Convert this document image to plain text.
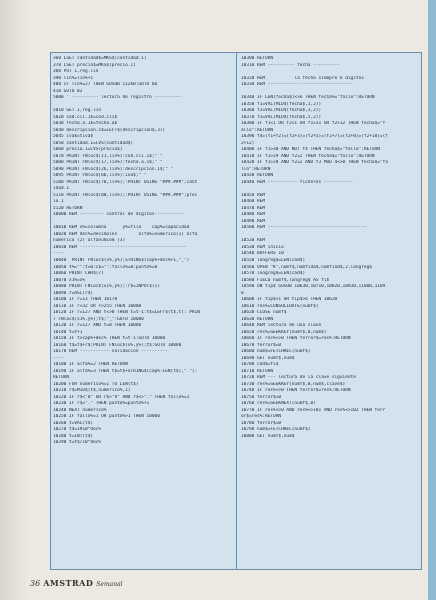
360 LSET cantidad$=MKS$(cantidad.1)
370 LSET precio$=MKS$(precio.1)
380 PUT 1,reg.lin
390 lin%=lin%+1
400 IF lin%=27 THEN GOSUB 11260:GOTO 60
410 GOTO 82
5000 ' ---------- lectura de registro ----------
5010 GET 1,reg.lin
5020 cod.cli.1$=cod.cli$
5030 fecha.a.1$=fecha.a$
5040 descripcion.1$=LEFT$(descripcion$,37)
5045 iva$=tiva$
5050 cantidad.1=CVS(cantidad$)
5060 precio.1=CVS(precio$)
5070 PRINT FNloc$(11,lin%):cod.cli.1$;" "
5080 PRINT FNloc$(17,lin%):fecha.a.1$;" "
5090 PRINT FNloc$(26,lin%):descripcion.1$;" "
5095 PRINT FNloc$(66,lin%):iva$;" "
5100 PRINT FNloc$(70,lin%);:PRINT USING "###.###";cant
idad.1
5110 PRINT FNloc$(80,lin%);:PRINT USING "###.###";prec
io.1
5120 RETURN
10000 REM --------- control de digitos-----------
10010 REM x%=columna      y%=fila    cap%=capacidad
10020 REM dec%=decimales        alfa%=numerico(1) alfa
numerico (2) alfanumcom (3)
10030 REM ----------------------------------------
----
10040  PRINT FNloc$(x%,y%);STRING$(cap%+dec%+1,"_")
10050 t%="":t=0:c$="":fallo%=0:punto%=0
10060 PRINT CHR$(7)
10070 x1%=x%
10080 PRINT FNloc$(x1%,y%);:r$=INPUT$(1)
10090 r=ASC(r$)
10100 IF r=13 THEN 10170
10110 IF r<32 OR r>255 THEN 10080
10120 IF r=127 AND t<>0 THEN t=t-1:t$=LEFT$(t$,t): PRIN
T FNloc$(x1%,y%);t$;"_":GOTO 10080
10130 IF r=127 AND t=0 THEN 10080
10140 t=t+1
10150 IF t>cap%+dec% THEN t=t-1:GOTO 10080
10160 t$=t$+r$:PRINT FNloc$(x%,y%);t$:GOTO 10080
10170 REM ----------- validacion ----------
----
10180 IF alfa%=2 THEN RETURN
10190 IF alfa%=3 THEN t$=t$+STRING$(cap%-LEN(t$)," "):
RETURN
10200 FOR numerico%=1 TO LEN(t$)
10210 r$=MID$(t$,numerico%,1)
10220 IF r$<"0" OR r$>"9" AND r$<>"." THEN fallo%=1
10230 IF r$="." THEN punto%=punto%+1
10240 NEXT numerico%
10250 IF fallo%=1 OR punto%>1 THEN 10000
10260 t=VAL(t$)
10270 t$=1#10^dec%
10280 t=INT(t$)
10290 t=t$/10^dec%
10300 RETURN
10310 REM ---------- fecha ----------
10320 REM           la fecha siempre 6 digitos
10330 REM --------------------------------
10340 IF LEN(fecha$)<>6 THEN fecha%="fallo":RETURN
10350 f1=VAL(MID$(fecha$,1,2))
10360 f2=VAL(MID$(fecha$,3,2))
10370 f3=VAL(MID$(fecha$,5,2))
10380 IF f1<1 OR f2<1 OR f1>31 OR f2>12 THEN fecha$="f
allo":RETURN
10390 f4=(f1+f2)=(f2+3)=(f2+5)=(f2+7)=(f2+8)=(f2+10)=(f
2+12)
10400 IF f1>30 AND NOT f4 THEN fecha$="fallo":RETURN
10410 IF f1>29 AND f2=2 THEN fecha$="fallo":RETURN
10420 IF f1>28 AND f2=2 AND f3 MOD 4<>0 THEN fecha$="fa
llo":RETURN
10430 RETURN
10440 REM ----------- ficheros -----------
10450 REM
10460 REM
10470 REM
10480 REM
10490 REM
10500 REM -------------------------------------
10520 REM
10530 REM inicio
10540 BUFFERS 10
10550 longreg$=LEN(cad$)
10560 OPEN "K",numf$,nomfida$,nomfind$,2,longreg$
10570 longreg$=LEN(cad$)
10580 FIELD numf$,longreg$ AS fi$
10590 ON tip$ GOSUB 10630,10710,10820,10930,11000,1109
0
10600 IF tip$<1 OR tip$>6 THEN 10620
10610 res%=CONSOLIDATE(numf$)
10620 CLOSE numf$
10630 RETURN
10640 REM lectura de una clave
10650 res%=SEEKKEY(numf$,0,num$)
10660 IF res%<>0 THEN ferror$=res%:RETURN
10670 ferror$=0
10680 num$=FETCHREC(numf$)
10690 GET numf$,num$
10700 cad$=fi$
10710 RETURN
10720 REM --- lectura de la clave siguiente
10730 res%=SEEKKEY(numf$,0,num$,clave$)
10740 IF res%<>0 THEN ferror$=res%:RETURN
10750 ferror$=0
10760 res%=SEEKNEXT(numf$,0)
10770 IF res%<>0 AND res%<>101 AND res%<>102 THEN ferr
or$=res%:RETURN
10780 ferror$=0
10790 num$=FETCHREC(numf$)
10800 GET numf$,num$
36 AMSTRAD Semanal
